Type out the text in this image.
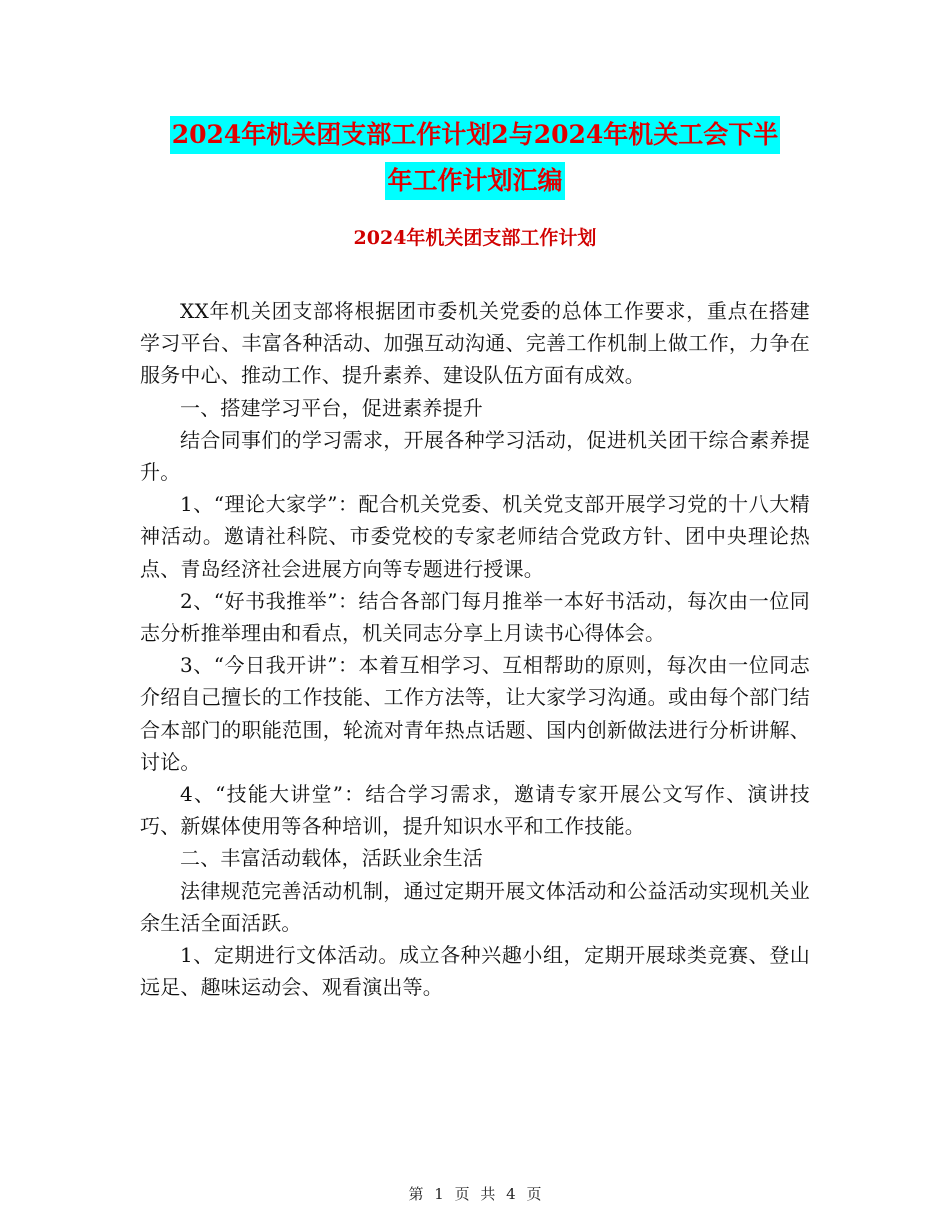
2024年机关团支部工作计划2与2024年机关工会下半
年工作计划汇编
2024年机关团支部工作计划

XX年机关团支部将根据团市委机关党委的总体工作要求，重点在搭建学习平台、丰富各种活动、加强互动沟通、完善工作机制上做工作，力争在服务中心、推动工作、提升素养、建设队伍方面有成效。

一、搭建学习平台，促进素养提升

结合同事们的学习需求，开展各种学习活动，促进机关团干综合素养提升。

1、“理论大家学”：配合机关党委、机关党支部开展学习党的十八大精神活动。邀请社科院、市委党校的专家老师结合党政方针、团中央理论热点、青岛经济社会进展方向等专题进行授课。

2、“好书我推举”：结合各部门每月推举一本好书活动，每次由一位同志分析推举理由和看点，机关同志分享上月读书心得体会。

3、“今日我开讲”：本着互相学习、互相帮助的原则，每次由一位同志介绍自己擅长的工作技能、工作方法等，让大家学习沟通。或由每个部门结合本部门的职能范围，轮流对青年热点话题、国内创新做法进行分析讲解、讨论。

4、“技能大讲堂”：结合学习需求，邀请专家开展公文写作、演讲技巧、新媒体使用等各种培训，提升知识水平和工作技能。

二、丰富活动载体，活跃业余生活

法律规范完善活动机制，通过定期开展文体活动和公益活动实现机关业余生活全面活跃。

1、定期进行文体活动。成立各种兴趣小组，定期开展球类竞赛、登山远足、趣味运动会、观看演出等。

第 1 页 共 4 页
